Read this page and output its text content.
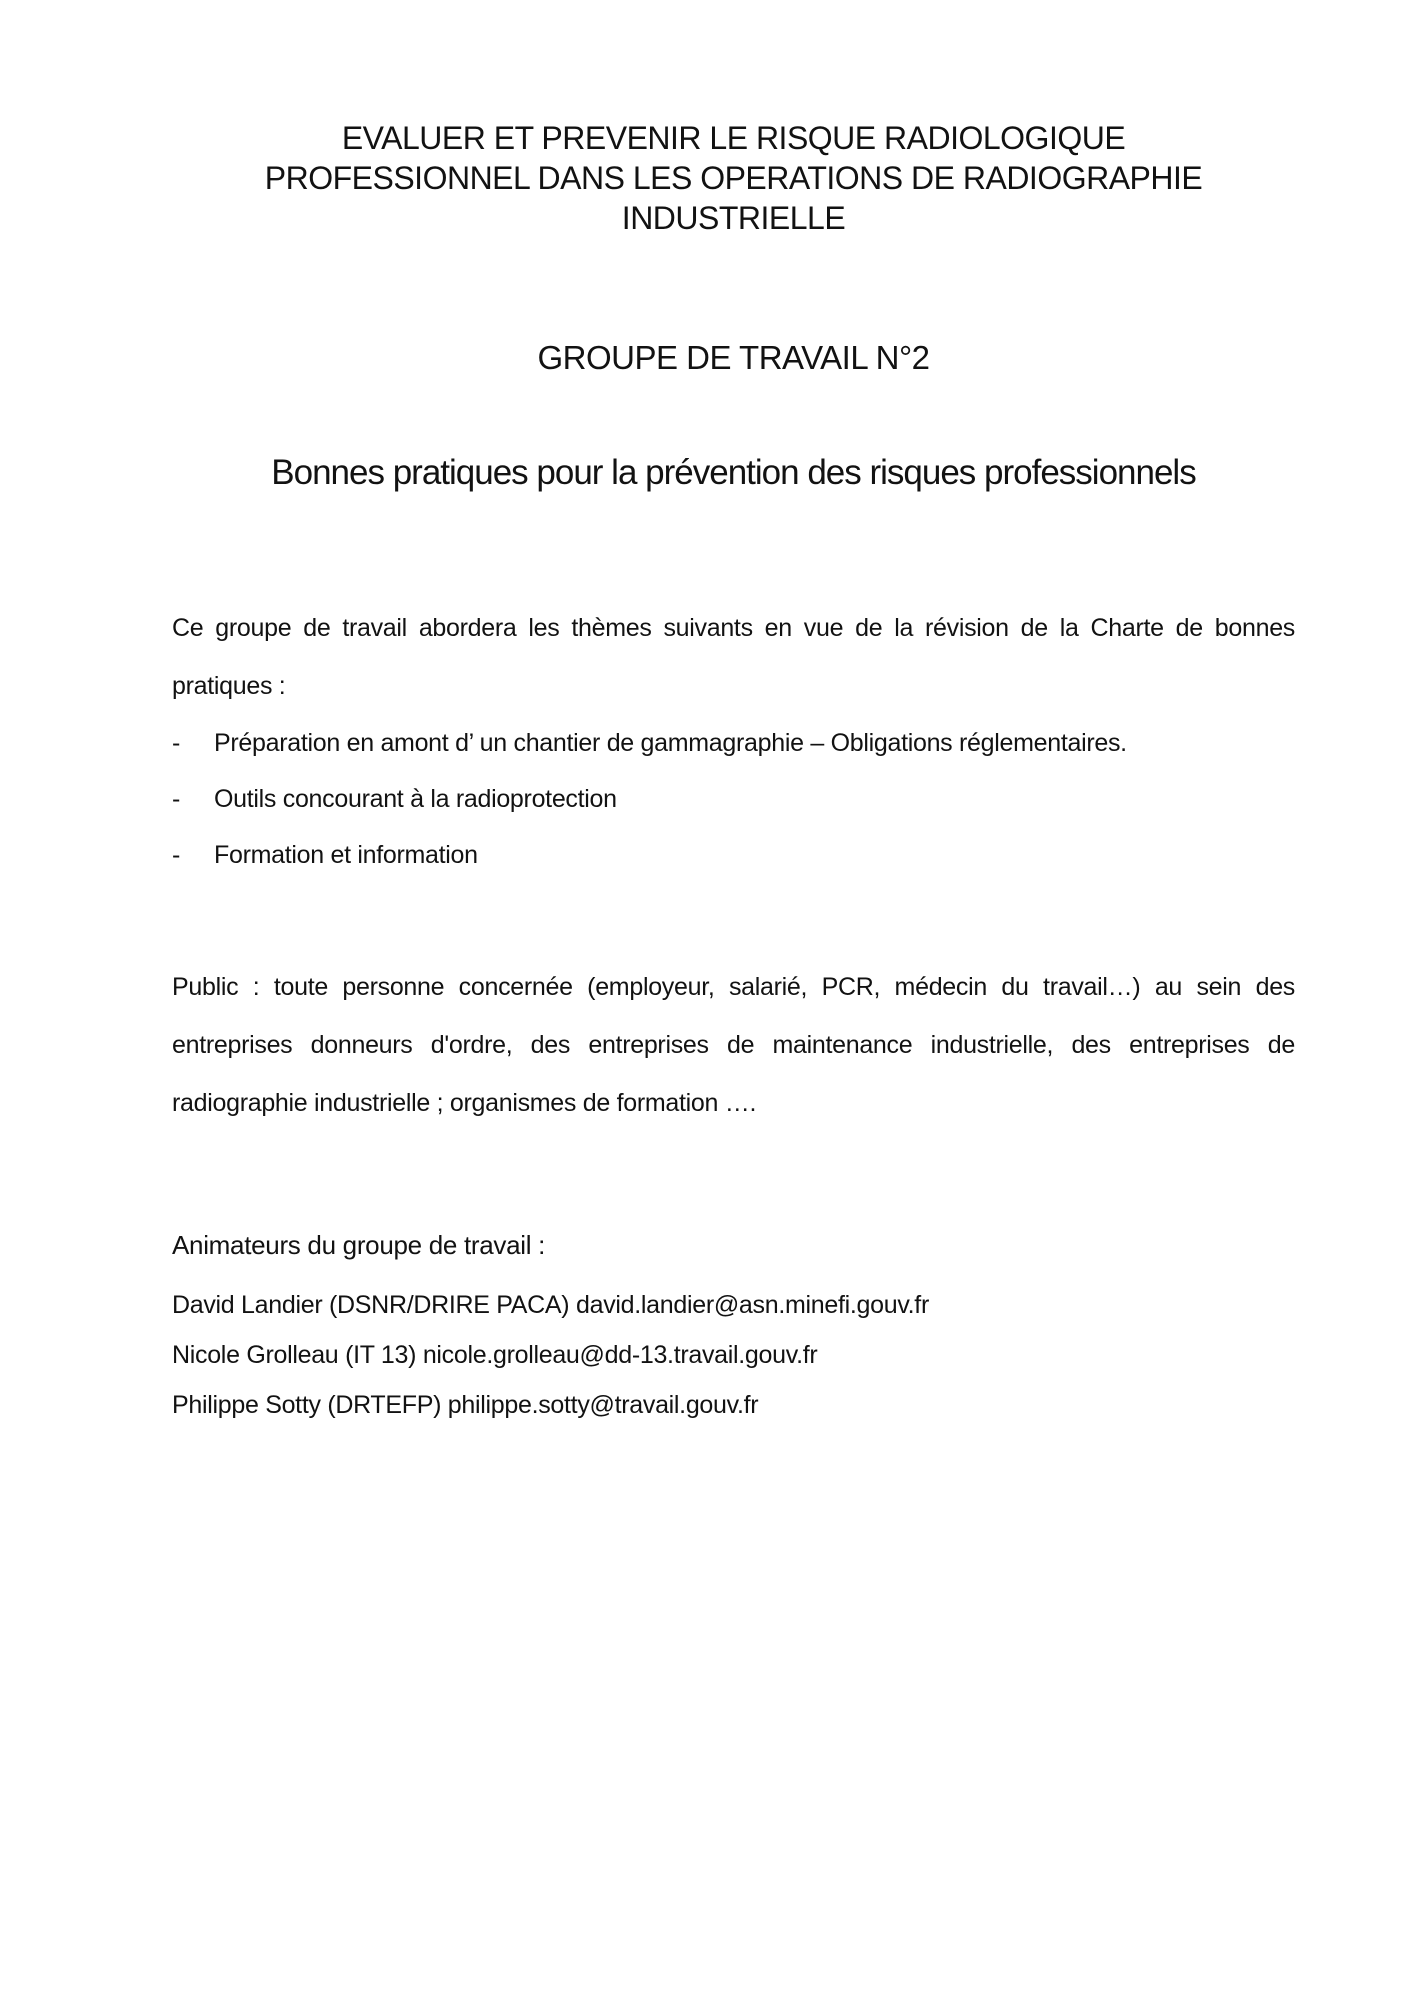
EVALUER ET PREVENIR LE RISQUE RADIOLOGIQUE
PROFESSIONNEL DANS LES OPERATIONS DE RADIOGRAPHIE
INDUSTRIELLE
GROUPE DE TRAVAIL N°2
Bonnes pratiques pour la prévention des risques professionnels

Ce groupe de travail abordera les thèmes suivants en vue de la révision de la Charte de bonnes pratiques :

-	Préparation en amont d’ un chantier de gammagraphie – Obligations réglementaires.
-	Outils concourant à la radioprotection
-	Formation et information

Public : toute personne concernée (employeur, salarié, PCR, médecin du travail…) au sein des entreprises donneurs d'ordre, des entreprises de maintenance industrielle, des entreprises de radiographie industrielle ; organismes de formation ….

Animateurs du groupe de travail :

David Landier (DSNR/DRIRE PACA) david.landier@asn.minefi.gouv.fr

Nicole Grolleau (IT 13) nicole.grolleau@dd-13.travail.gouv.fr

Philippe Sotty (DRTEFP) philippe.sotty@travail.gouv.fr
